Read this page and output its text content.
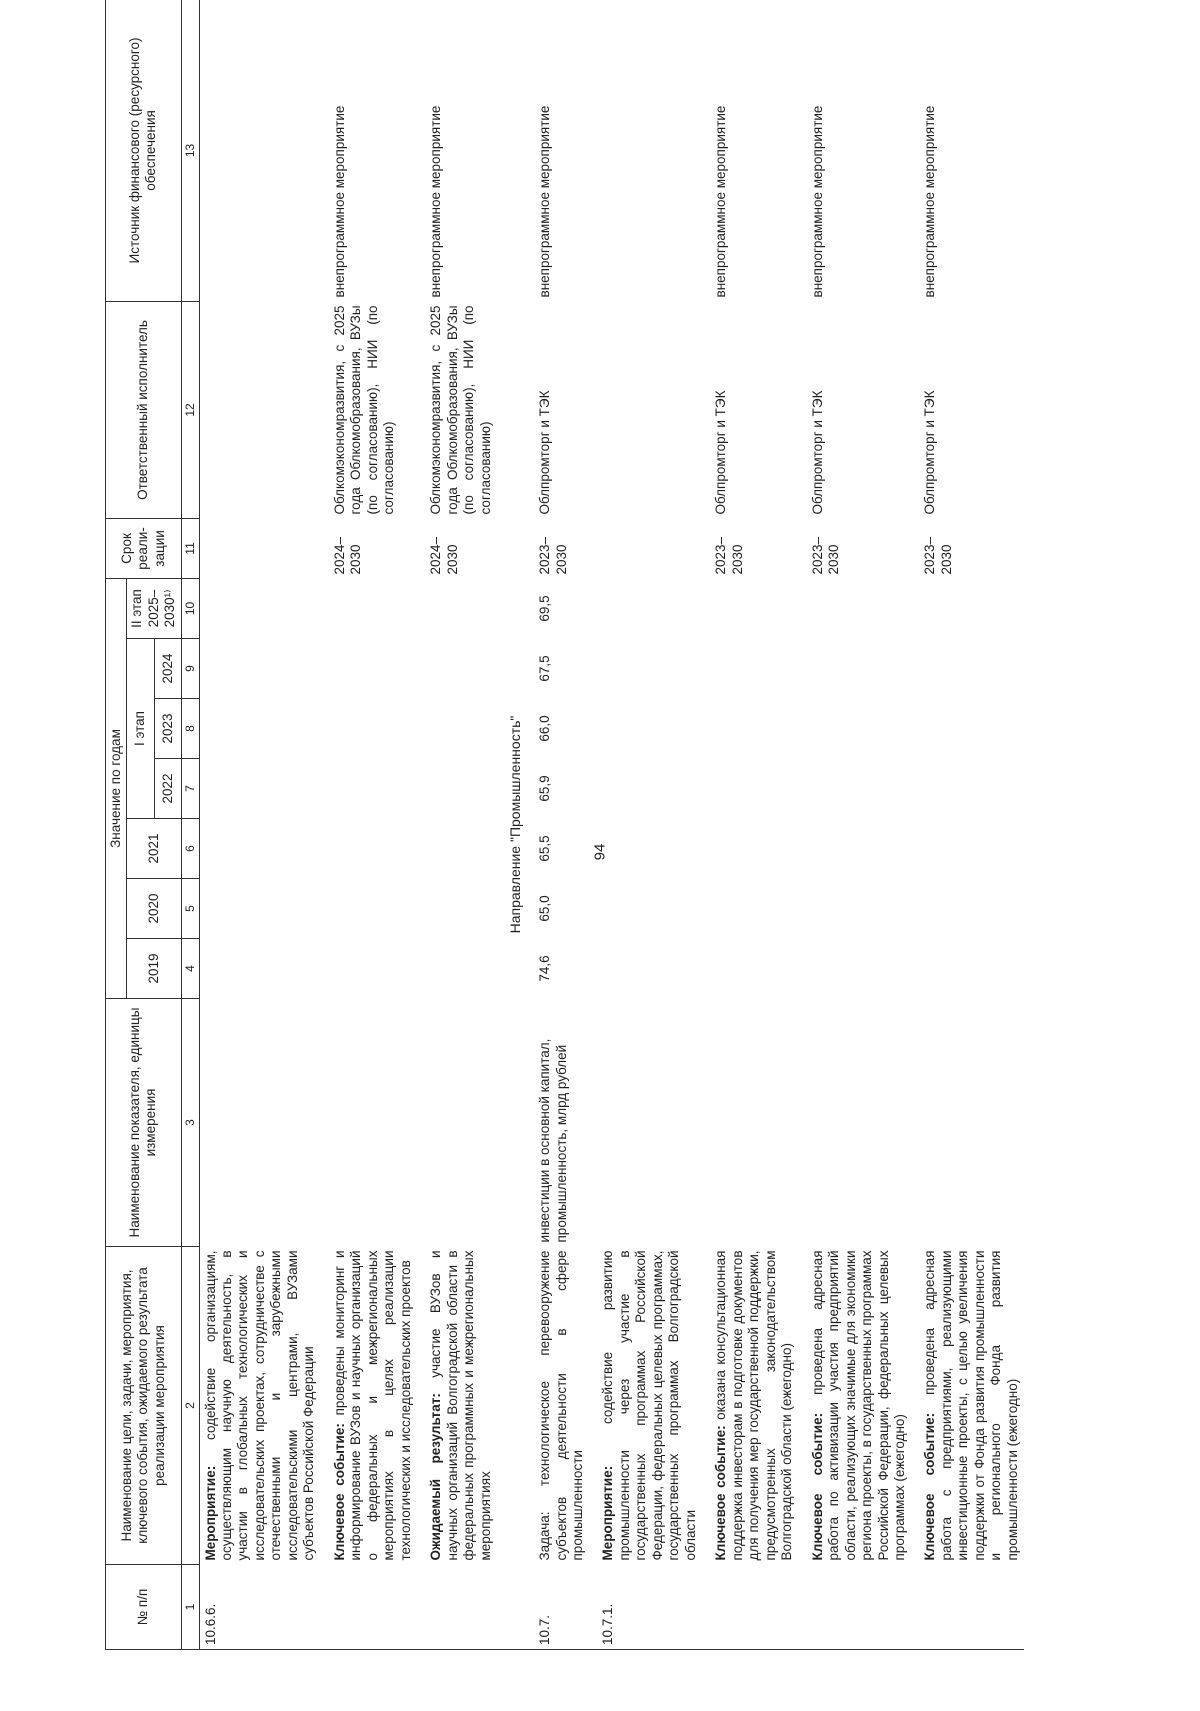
94
№ п/п	Наименование цели, задачи, мероприятия, ключевого события, ожидаемого результата реализации мероприятия	Наименование показателя, единицы измерения	Значение по годам							Срок реали-зации	Ответственный исполнитель	Источник финансового (ресурсного) обеспечения
			2019	2020	2021	I этап			II этап 2025–2030¹⁾			
						2022	2023	2024				
1	2	3	4	5	6	7	8	9	10	11	12	13
10.6.6.	Мероприятие: содействие организациям, осуществляющим научную деятельность, в участии в глобальных технологических и исследовательских проектах, сотрудничестве с отечественными и зарубежными исследовательскими центрами, ВУЗами субъектов Российской Федерации											

	Ключевое событие: проведены мониторинг и информирование ВУЗов и научных организаций о федеральных и межрегиональных мероприятиях в целях реализации технологических и исследовательских проектов									2024–2030	Облкомэкономразвития, с 2025 года Облкомобразования, ВУЗы (по согласованию), НИИ (по согласованию)	внепрограммное мероприятие

	Ожидаемый результат: участие ВУЗов и научных организаций Волгоградской области в федеральных программных и межрегиональных мероприятиях									2024–2030	Облкомэкономразвития, с 2025 года Облкомобразования, ВУЗы (по согласованию), НИИ (по согласованию)	внепрограммное мероприятие
Направление "Промышленность"												
10.7.	Задача: технологическое перевооружение субъектов деятельности в сфере промышленности	инвестиции в основной капитал, промышленность, млрд рублей	74,6	65,0	65,5	65,9	66,0	67,5	69,5	2023–2030	Облпромторг и ТЭК	внепрограммное мероприятие

10.7.1.	Мероприятие: содействие развитию промышленности через участие в государственных программах Российской Федерации, федеральных целевых программах, государственных программах Волгоградской области											

	Ключевое событие: оказана консультационная поддержка инвесторам в подготовке документов для получения мер государственной поддержки, предусмотренных законодательством Волгоградской области (ежегодно)									2023–2030	Облпромторг и ТЭК	внепрограммное мероприятие

	Ключевое событие: проведена адресная работа по активизации участия предприятий области, реализующих значимые для экономики региона проекты, в государственных программах Российской Федерации, федеральных целевых программах (ежегодно)									2023–2030	Облпромторг и ТЭК	внепрограммное мероприятие

	Ключевое событие: проведена адресная работа с предприятиями, реализующими инвестиционные проекты, с целью увеличения поддержки от Фонда развития промышленности и регионального Фонда развития промышленности (ежегодно)									2023–2030	Облпромторг и ТЭК	внепрограммное мероприятие
